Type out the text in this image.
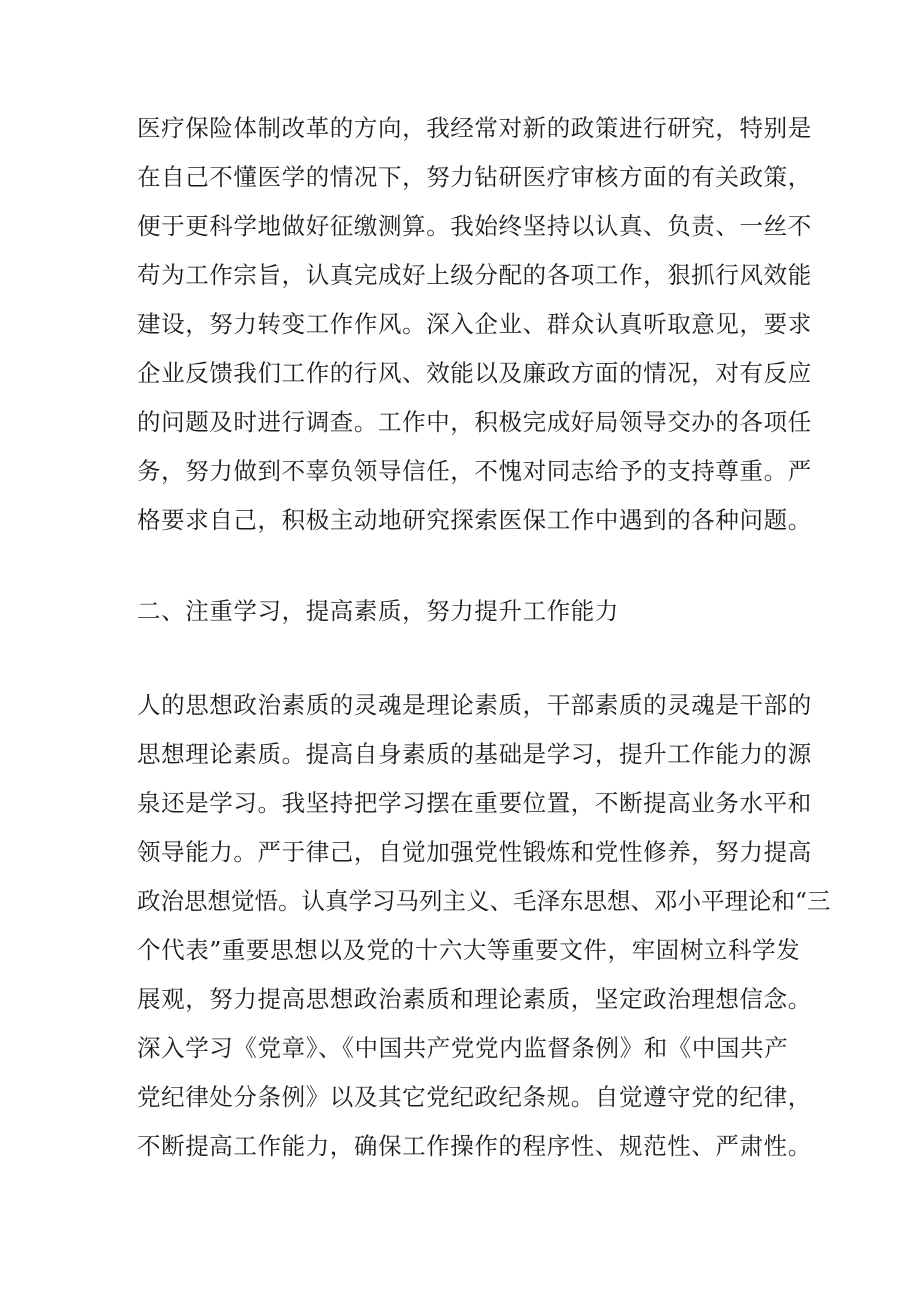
医疗保险体制改革的方向，我经常对新的政策进行研究，特别是
在自己不懂医学的情况下，努力钻研医疗审核方面的有关政策，
便于更科学地做好征缴测算。我始终坚持以认真、负责、一丝不
苟为工作宗旨，认真完成好上级分配的各项工作，狠抓行风效能
建设，努力转变工作作风。深入企业、群众认真听取意见，要求
企业反馈我们工作的行风、效能以及廉政方面的情况，对有反应
的问题及时进行调查。工作中，积极完成好局领导交办的各项任
务，努力做到不辜负领导信任，不愧对同志给予的支持尊重。严
格要求自己，积极主动地研究探索医保工作中遇到的各种问题。
二、注重学习，提高素质，努力提升工作能力
人的思想政治素质的灵魂是理论素质，干部素质的灵魂是干部的
思想理论素质。提高自身素质的基础是学习，提升工作能力的源
泉还是学习。我坚持把学习摆在重要位置，不断提高业务水平和
领导能力。严于律己，自觉加强党性锻炼和党性修养，努力提高
政治思想觉悟。认真学习马列主义、毛泽东思想、邓小平理论和“三
个代表”重要思想以及党的十六大等重要文件，牢固树立科学发
展观，努力提高思想政治素质和理论素质，坚定政治理想信念。
深入学习《党章》、《中国共产党党内监督条例》和《中国共产
党纪律处分条例》以及其它党纪政纪条规。自觉遵守党的纪律，
不断提高工作能力，确保工作操作的程序性、规范性、严肃性。
